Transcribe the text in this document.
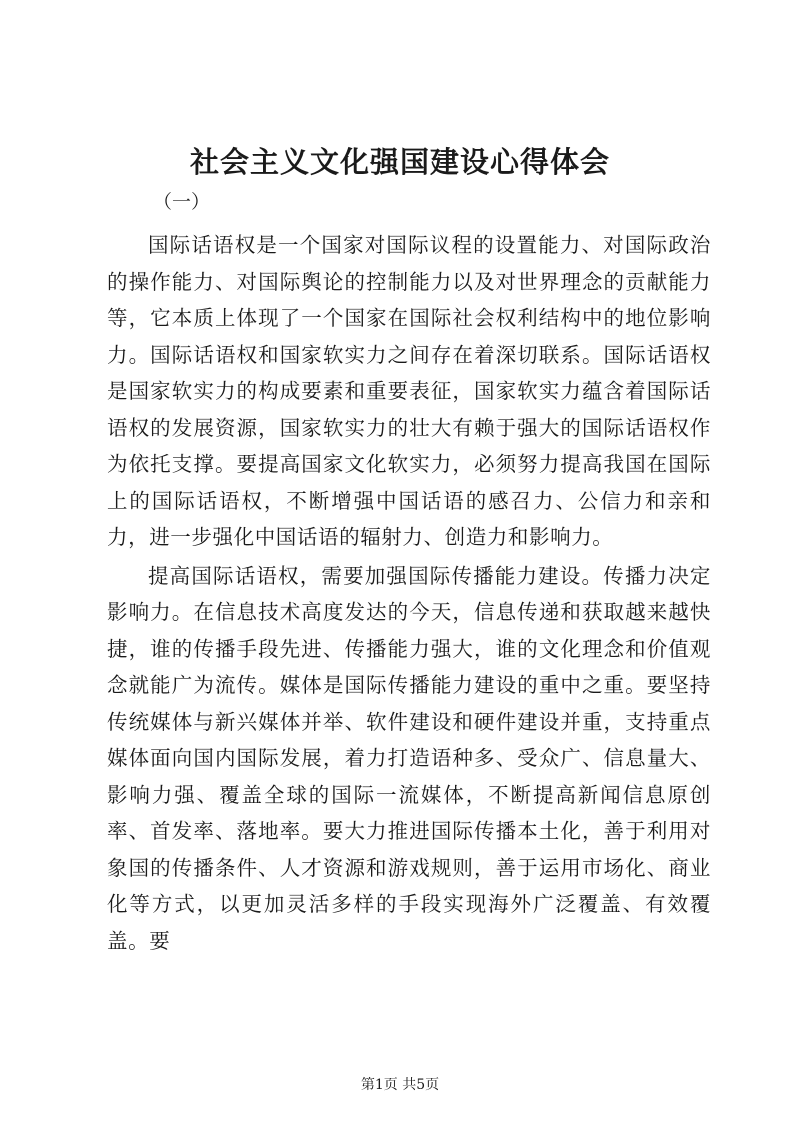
社会主义文化强国建设心得体会

（一）

国际话语权是一个国家对国际议程的设置能力、对国际政治的操作能力、对国际舆论的控制能力以及对世界理念的贡献能力等，它本质上体现了一个国家在国际社会权利结构中的地位影响力。国际话语权和国家软实力之间存在着深切联系。国际话语权是国家软实力的构成要素和重要表征，国家软实力蕴含着国际话语权的发展资源，国家软实力的壮大有赖于强大的国际话语权作为依托支撑。要提高国家文化软实力，必须努力提高我国在国际上的国际话语权，不断增强中国话语的感召力、公信力和亲和力，进一步强化中国话语的辐射力、创造力和影响力。

提高国际话语权，需要加强国际传播能力建设。传播力决定影响力。在信息技术高度发达的今天，信息传递和获取越来越快捷，谁的传播手段先进、传播能力强大，谁的文化理念和价值观念就能广为流传。媒体是国际传播能力建设的重中之重。要坚持传统媒体与新兴媒体并举、软件建设和硬件建设并重，支持重点媒体面向国内国际发展，着力打造语种多、受众广、信息量大、影响力强、覆盖全球的国际一流媒体，不断提高新闻信息原创率、首发率、落地率。要大力推进国际传播本土化，善于利用对象国的传播条件、人才资源和游戏规则，善于运用市场化、商业化等方式，以更加灵活多样的手段实现海外广泛覆盖、有效覆盖。要

第1页 共5页
